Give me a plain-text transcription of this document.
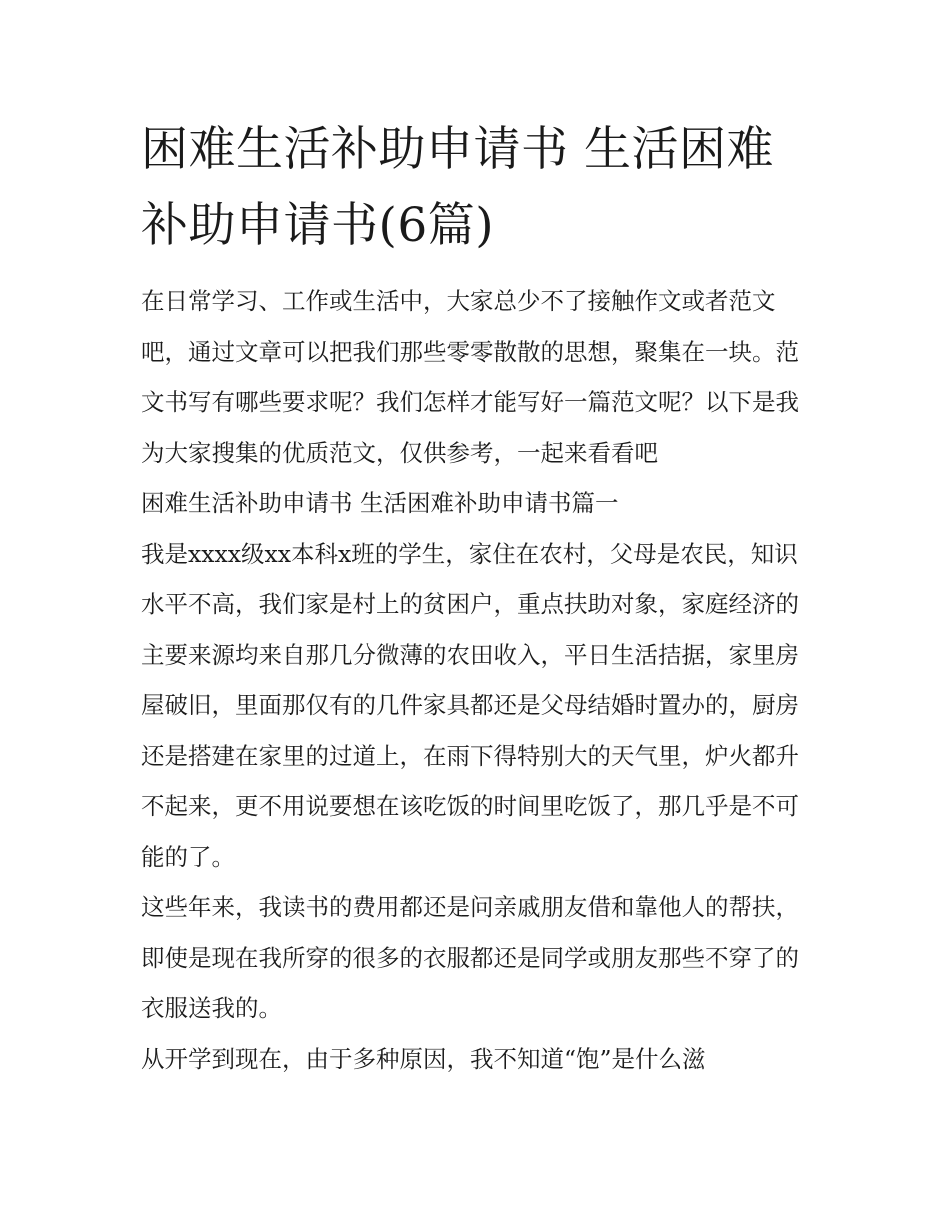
困难生活补助申请书 生活困难补助申请书(6篇)

在日常学习、工作或生活中，大家总少不了接触作文或者范文吧，通过文章可以把我们那些零零散散的思想，聚集在一块。范文书写有哪些要求呢？我们怎样才能写好一篇范文呢？以下是我为大家搜集的优质范文，仅供参考，一起来看看吧

困难生活补助申请书 生活困难补助申请书篇一

我是xxxx级xx本科x班的学生，家住在农村，父母是农民，知识水平不高，我们家是村上的贫困户，重点扶助对象，家庭经济的主要来源均来自那几分微薄的农田收入，平日生活拮据，家里房屋破旧，里面那仅有的几件家具都还是父母结婚时置办的，厨房还是搭建在家里的过道上，在雨下得特别大的天气里，炉火都升不起来，更不用说要想在该吃饭的时间里吃饭了，那几乎是不可能的了。

这些年来，我读书的费用都还是问亲戚朋友借和靠他人的帮扶，即使是现在我所穿的很多的衣服都还是同学或朋友那些不穿了的衣服送我的。

从开学到现在，由于多种原因，我不知道“饱”是什么滋
